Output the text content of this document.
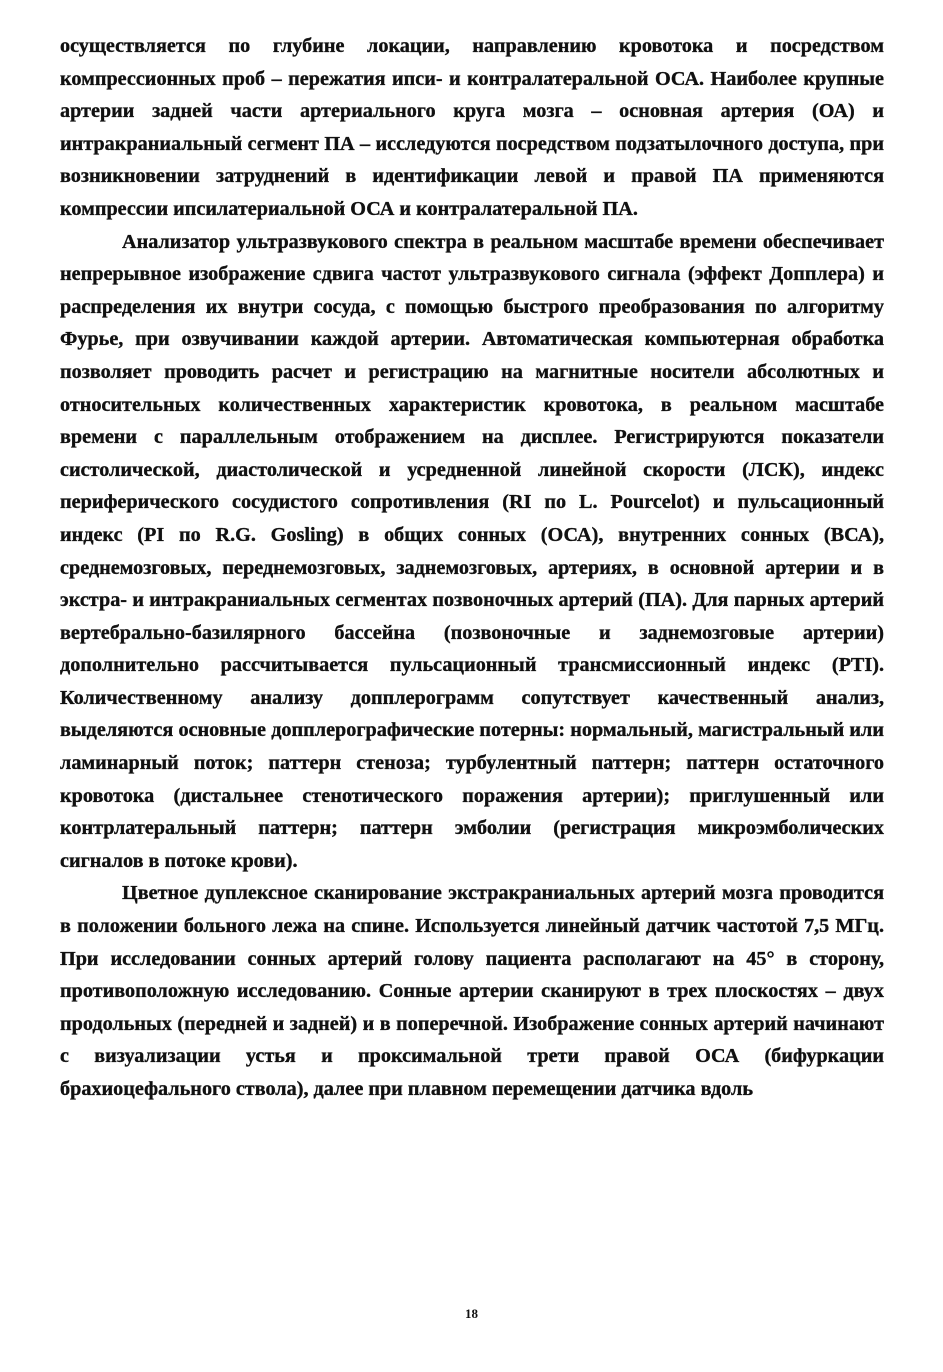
осуществляется по глубине локации, направлению кровотока и посредством компрессионных проб – пережатия ипси- и контралатеральной ОСА. Наиболее крупные артерии задней части артериального круга мозга – основная артерия (ОА) и интракраниальный сегмент ПА – исследуются посредством подзатылочного доступа, при возникновении затруднений в идентификации левой и правой ПА применяются компрессии ипсилатериальной ОСА и контралатеральной ПА.

Анализатор ультразвукового спектра в реальном масштабе времени обеспечивает непрерывное изображение сдвига частот ультразвукового сигнала (эффект Допплера) и распределения их внутри сосуда, с помощью быстрого преобразования по алгоритму Фурье, при озвучивании каждой артерии. Автоматическая компьютерная обработка позволяет проводить расчет и регистрацию на магнитные носители абсолютных и относительных количественных характеристик кровотока, в реальном масштабе времени с параллельным отображением на дисплее. Регистрируются показатели систолической, диастолической и усредненной линейной скорости (ЛСК), индекс периферического сосудистого сопротивления (RI по L. Pourcelot) и пульсационный индекс (PI по R.G. Gosling) в общих сонных (ОСА), внутренних сонных (ВСА), среднемозговых, переднемозговых, заднемозговых, артериях, в основной артерии и в экстра- и интракраниальных сегментах позвоночных артерий (ПА). Для парных артерий вертебрально-базилярного бассейна (позвоночные и заднемозговые артерии) дополнительно рассчитывается пульсационный трансмиссионный индекс (PTI). Количественному анализу допплерограмм сопутствует качественный анализ, выделяются основные допплерографические потерны: нормальный, магистральный или ламинарный поток; паттерн стеноза; турбулентный паттерн; паттерн остаточного кровотока (дистальнее стенотического поражения артерии); приглушенный или контрлатеральный паттерн; паттерн эмболии (регистрация микроэмболических сигналов в потоке крови).

Цветное дуплексное сканирование экстракраниальных артерий мозга проводится в положении больного лежа на спине. Используется линейный датчик частотой 7,5 МГц. При исследовании сонных артерий голову пациента располагают на 45° в сторону, противоположную исследованию. Сонные артерии сканируют в трех плоскостях – двух продольных (передней и задней) и в поперечной. Изображение сонных артерий начинают с визуализации устья и проксимальной трети правой ОСА (бифуркации брахиоцефального ствола), далее при плавном перемещении датчика вдоль

18
